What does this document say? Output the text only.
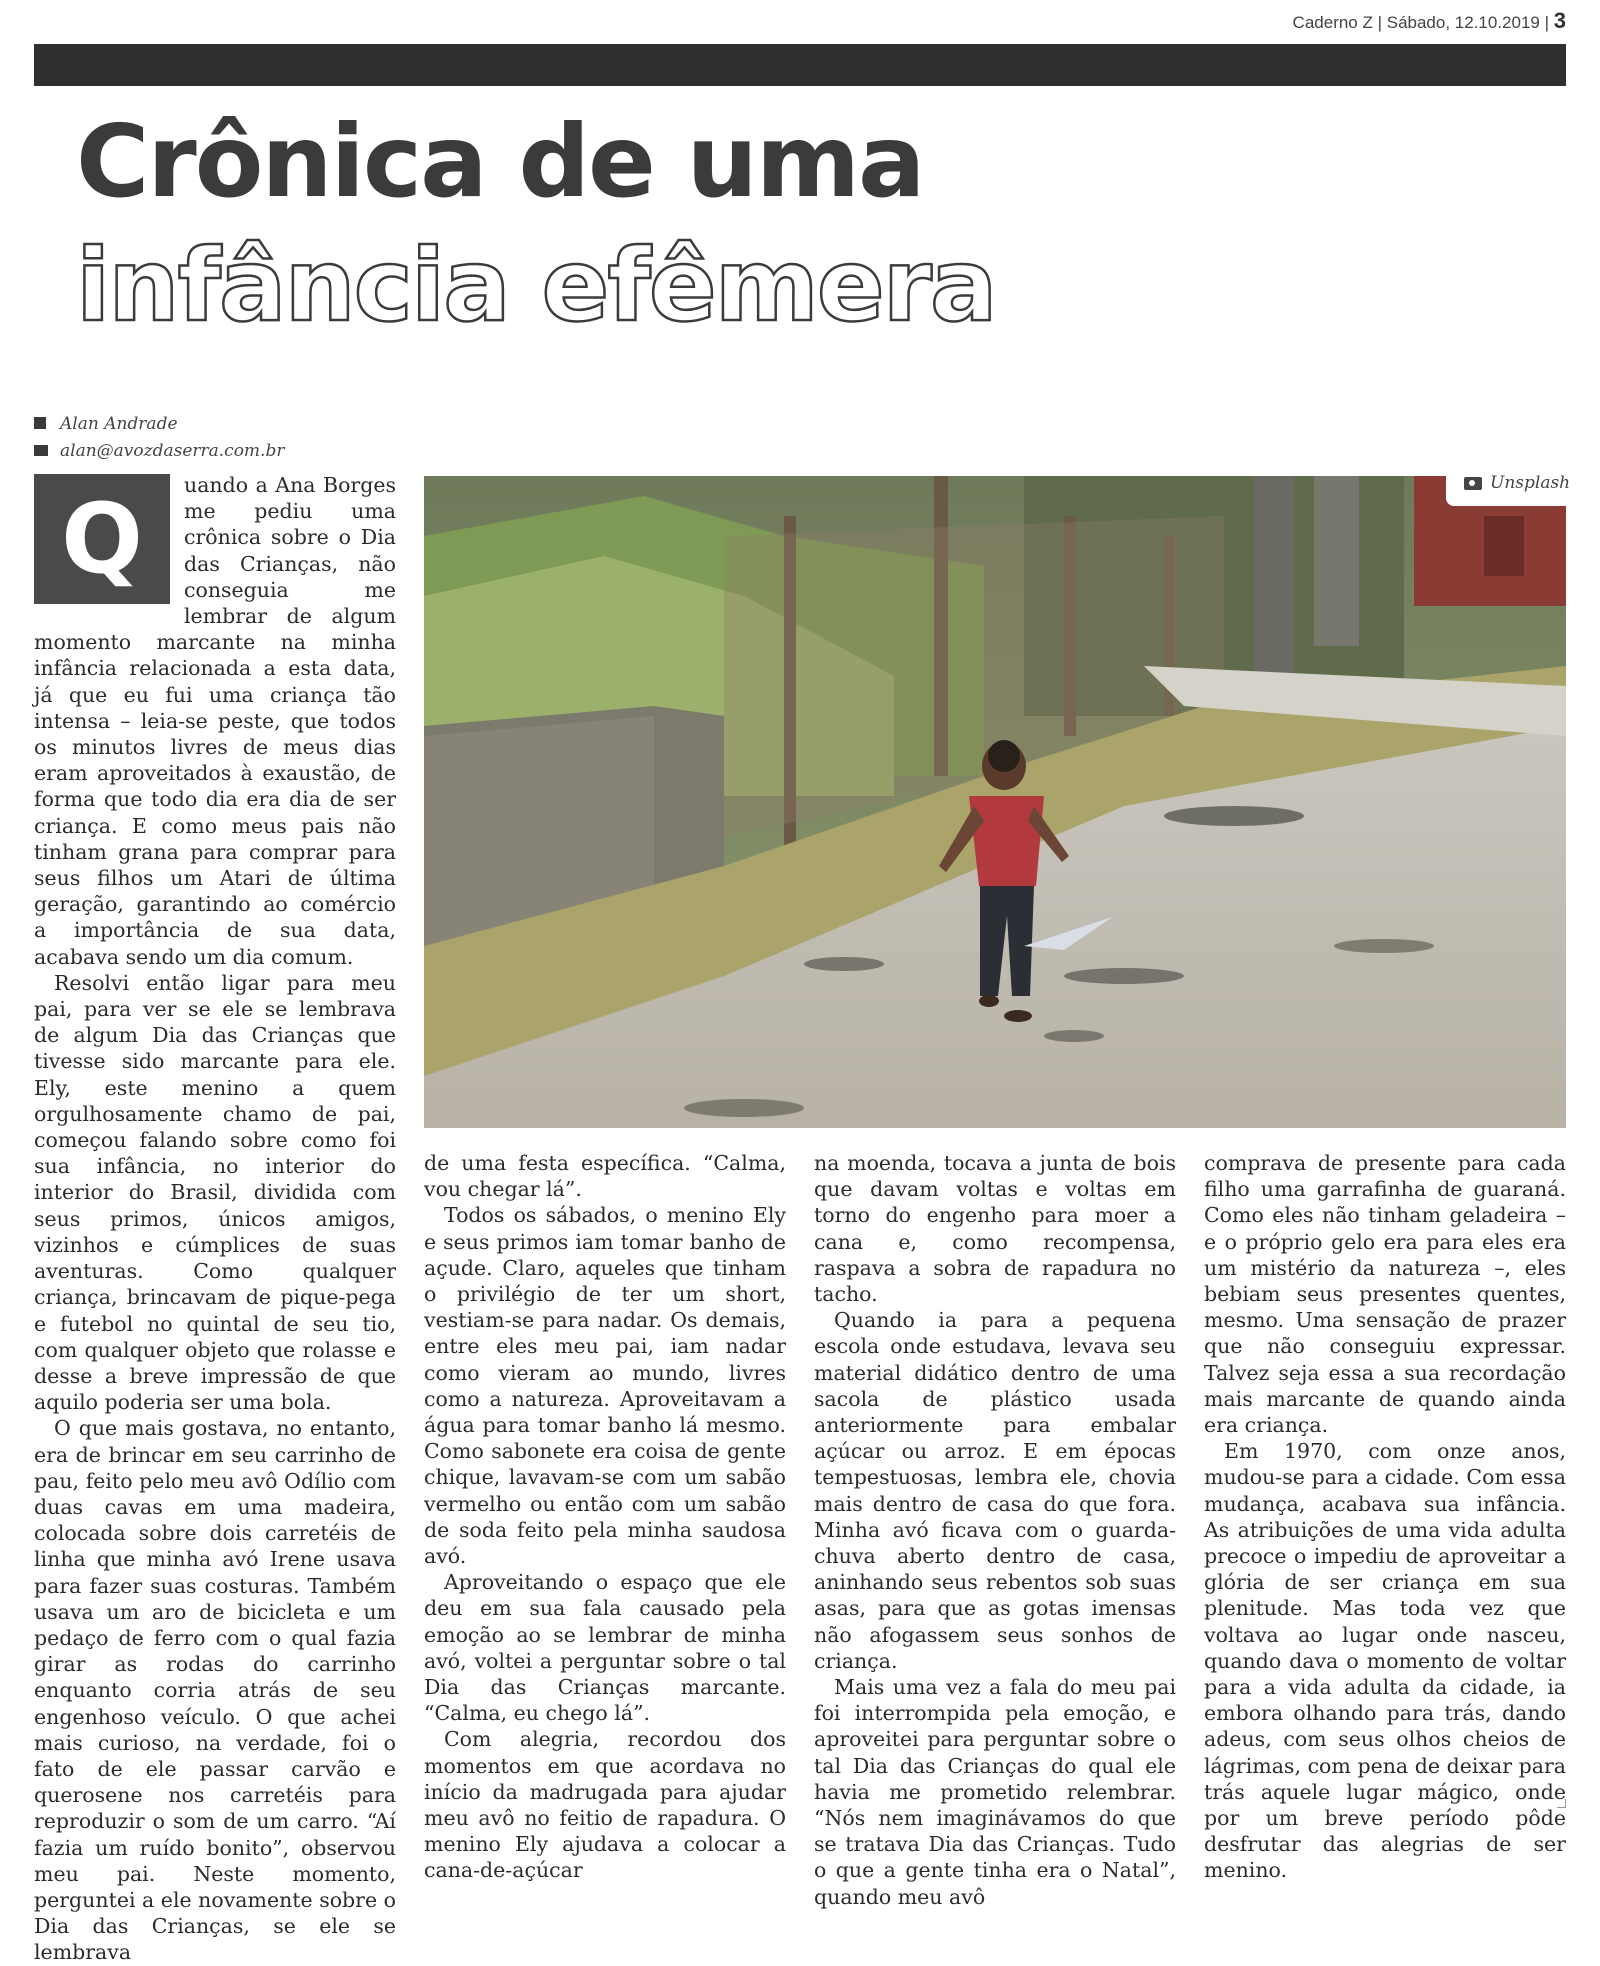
Caderno Z | Sábado, 12.10.2019 | 3
Crônica de uma
infância efêmera
Alan Andrade
alan@avozdaserra.com.br
Unsplash
Q	uando a Ana Borges me pediu uma crônica sobre o Dia das Crianças, não conseguia me lembrar de algum momento marcante na minha infância relacionada a esta data, já que eu fui uma criança tão intensa – leia-se peste, que todos os minutos livres de meus dias eram aproveitados à exaustão, de forma que todo dia era dia de ser criança. E como meus pais não tinham grana para comprar para seus filhos um Atari de última geração, garantindo ao comércio a importância de sua data, acabava sendo um dia comum.

Resolvi então ligar para meu pai, para ver se ele se lembrava de algum Dia das Crianças que tivesse sido marcante para ele. Ely, este menino a quem orgulhosamente chamo de pai, começou falando sobre como foi sua infância, no interior do interior do Brasil, dividida com seus primos, únicos amigos, vizinhos e cúmplices de suas aventuras. Como qualquer criança, brincavam de pique-pega e futebol no quintal de seu tio, com qualquer objeto que rolasse e desse a breve impressão de que aquilo poderia ser uma bola.

O que mais gostava, no entanto, era de brincar em seu carrinho de pau, feito pelo meu avô Odílio com duas cavas em uma madeira, colocada sobre dois carretéis de linha que minha avó Irene usava para fazer suas costuras. Também usava um aro de bicicleta e um pedaço de ferro com o qual fazia girar as rodas do carrinho enquanto corria atrás de seu engenhoso veículo. O que achei mais curioso, na verdade, foi o fato de ele passar carvão e querosene nos carretéis para reproduzir o som de um carro. “Aí fazia um ruído bonito”, observou meu pai. Neste momento, perguntei a ele novamente sobre o Dia das Crianças, se ele se lembrava

de uma festa específica. “Calma, vou chegar lá”.

Todos os sábados, o menino Ely e seus primos iam tomar banho de açude. Claro, aqueles que tinham o privilégio de ter um short, vestiam-se para nadar. Os demais, entre eles meu pai, iam nadar como vieram ao mundo, livres como a natureza. Aproveitavam a água para tomar banho lá mesmo. Como sabonete era coisa de gente chique, lavavam-se com um sabão vermelho ou então com um sabão de soda feito pela minha saudosa avó.

Aproveitando o espaço que ele deu em sua fala causado pela emoção ao se lembrar de minha avó, voltei a perguntar sobre o tal Dia das Crianças marcante. “Calma, eu chego lá”.

Com alegria, recordou dos momentos em que acordava no início da madrugada para ajudar meu avô no feitio de rapadura. O menino Ely ajudava a colocar a cana-de-açúcar

na moenda, tocava a junta de bois que davam voltas e voltas em torno do engenho para moer a cana e, como recompensa, raspava a sobra de rapadura no tacho.

Quando ia para a pequena escola onde estudava, levava seu material didático dentro de uma sacola de plástico usada anteriormente para embalar açúcar ou arroz. E em épocas tempestuosas, lembra ele, chovia mais dentro de casa do que fora. Minha avó ficava com o guarda-chuva aberto dentro de casa, aninhando seus rebentos sob suas asas, para que as gotas imensas não afogassem seus sonhos de criança.

Mais uma vez a fala do meu pai foi interrompida pela emoção, e aproveitei para perguntar sobre o tal Dia das Crianças do qual ele havia me prometido relembrar. “Nós nem imaginávamos do que se tratava Dia das Crianças. Tudo o que a gente tinha era o Natal”, quando meu avô

comprava de presente para cada filho uma garrafinha de guaraná. Como eles não tinham geladeira – e o próprio gelo era para eles era um mistério da natureza –, eles bebiam seus presentes quentes, mesmo. Uma sensação de prazer que não conseguiu expressar. Talvez seja essa a sua recordação mais marcante de quando ainda era criança.

Em 1970, com onze anos, mudou-se para a cidade. Com essa mudança, acabava sua infância. As atribuições de uma vida adulta precoce o impediu de aproveitar a glória de ser criança em sua plenitude. Mas toda vez que voltava ao lugar onde nasceu, quando dava o momento de voltar para a vida adulta da cidade, ia embora olhando para trás, dando adeus, com seus olhos cheios de lágrimas, com pena de deixar para trás aquele lugar mágico, onde por um breve período pôde desfrutar das alegrias de ser menino.
